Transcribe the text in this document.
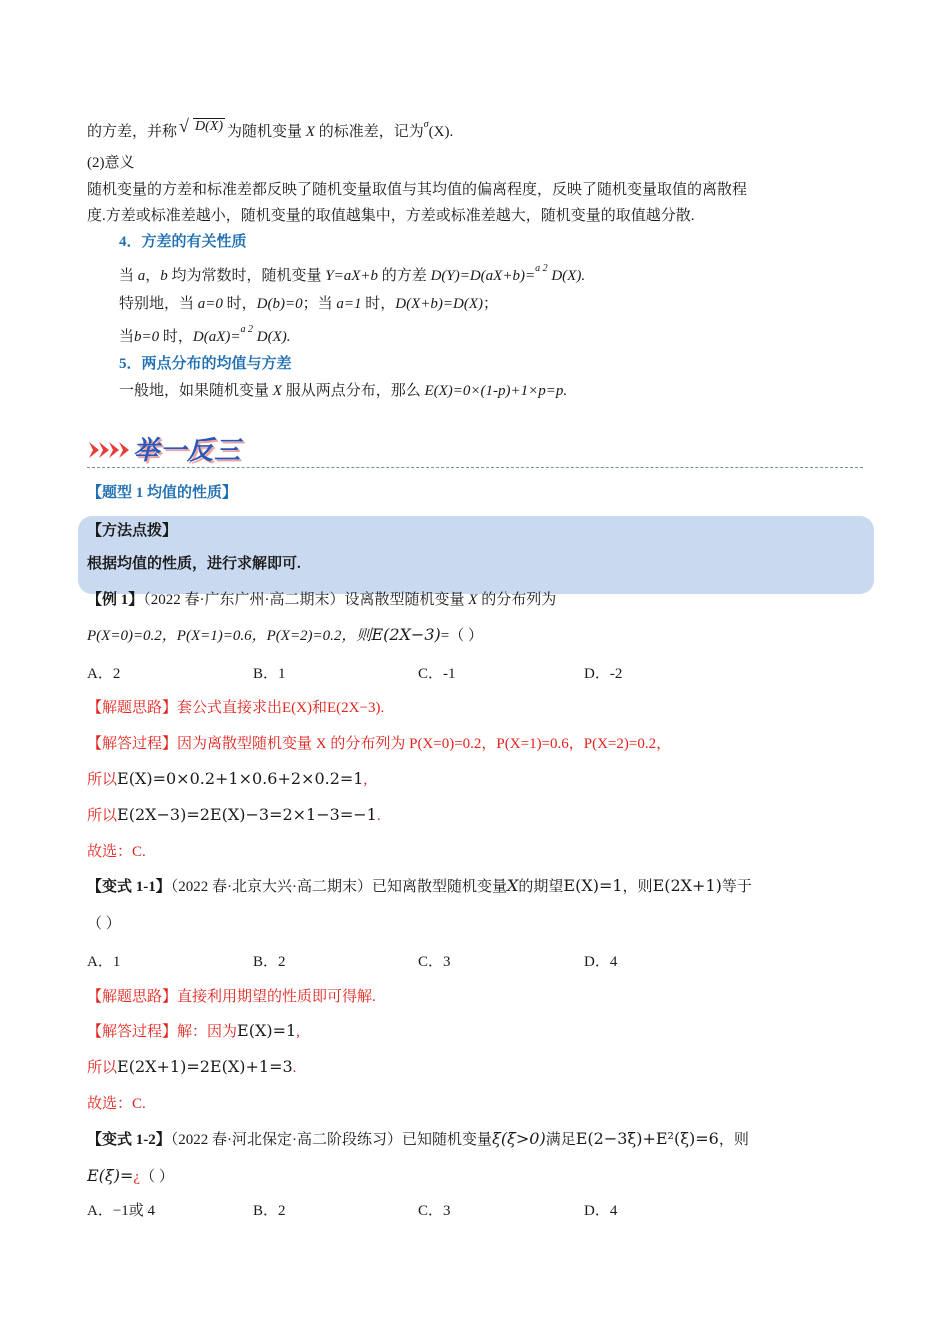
的方差，并称 √ D(X) 为随机变量 X 的标准差，记为$^\sigma$(X).
(2)意义
随机变量的方差和标准差都反映了随机变量取值与其均值的偏离程度，反映了随机变量取值的离散程
度.方差或标准差越小，随机变量的取值越集中，方差或标准差越大，随机变量的取值越分散.
4．方差的有关性质
当 a，b 均为常数时，随机变量 Y=aX+b 的方差 D(Y)=D(aX+b)=$^{a 2}$ D(X).
特别地，当 a=0 时，D(b)=0；当 a=1 时，D(X+b)=D(X)；
当b=0 时，D(aX)=$^{a 2}$ D(X).
5．两点分布的均值与方差
一般地，如果随机变量 X 服从两点分布，那么 E(X)=0×(1-p)+1×p=p.
举一反三
【题型 1 均值的性质】
【方法点拨】
根据均值的性质，进行求解即可.
【例 1】（2022 春·广东广州·高二期末）设离散型随机变量 X 的分布列为
P(X=0)=0.2，P(X=1)=0.6，P(X=2)=0.2，则E(2X−3)=（ ）
A．2	B．1	C．-1	D．-2
【解题思路】套公式直接求出E(X)和E(2X−3).
【解答过程】因为离散型随机变量 X 的分布列为 P(X=0)=0.2，P(X=1)=0.6，P(X=2)=0.2，
所以E(X)=0×0.2+1×0.6+2×0.2=1,
所以E(2X−3)=2E(X)−3=2×1−3=−1.
故选：C.
【变式 1-1】（2022 春·北京大兴·高二期末）已知离散型随机变量X的期望E(X)=1，则E(2X+1)等于
（ ）
A．1	B．2	C．3	D．4
【解题思路】直接利用期望的性质即可得解.
【解答过程】解：因为E(X)=1,
所以E(2X+1)=2E(X)+1=3.
故选：C.
【变式 1-2】（2022 春·河北保定·高二阶段练习）已知随机变量ξ(ξ>0)满足E(2−3ξ)+E²(ξ)=6，则
E(ξ)=¿（ ）
A．−1或 4	B．2	C．3	D．4
